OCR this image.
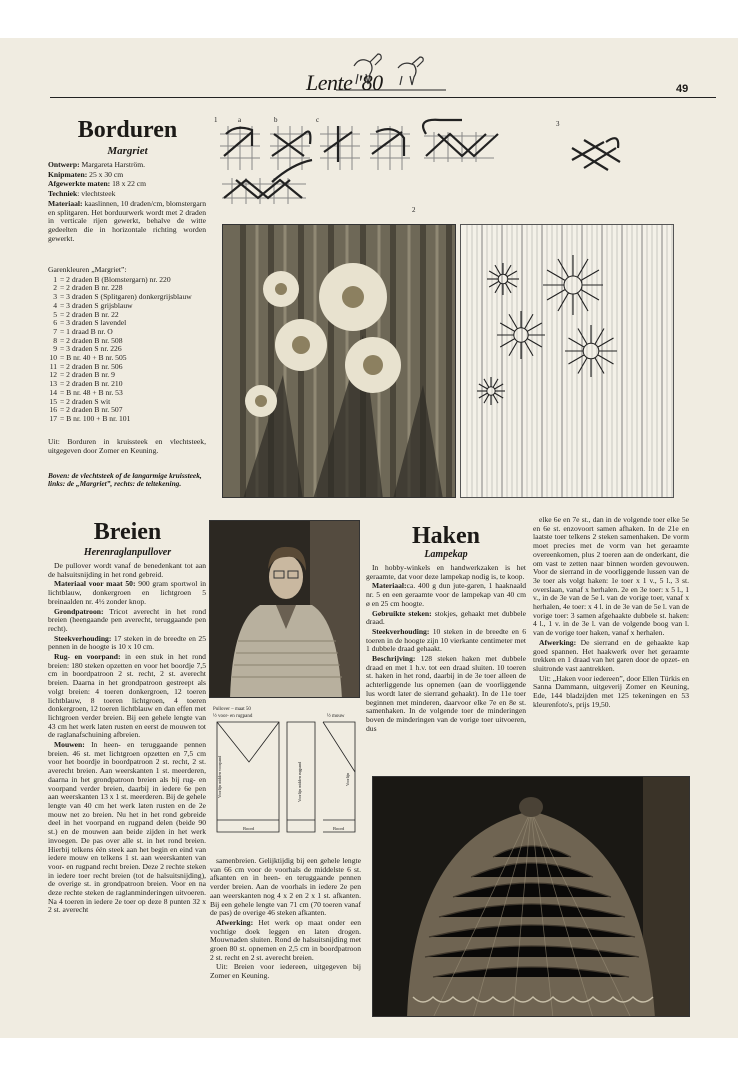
Lente '80	49
Borduren
Margriet

Ontwerp: Margareta Harström.

Knipmaten: 25 x 30 cm

Afgewerkte maten: 18 x 22 cm

Techniek: vlechtsteek

Materiaal: kaaslinnen, 10 draden/cm, blomstergarn en splitgaren. Het borduurwerk wordt met 2 draden in verticale rijen gewerkt, behalve de witte gedeelten die in horizontale richting worden gewerkt.

Garenkleuren „Margriet”:
1 = 2 draden B (Blomstergarn) nr. 220
2 = 2 draden B nr. 228
3 = 3 draden S (Splitgaren) donkergrijsblauw
4 = 3 draden S grijsblauw
5 = 2 draden B nr. 22
6 = 3 draden S lavendel
7 = 1 draad B nr. O
8 = 2 draden B nr. 508
9 = 3 draden S nr. 226
10 = B nr. 40 + B nr. 505
11 = 2 draden B nr. 506
12 = 2 draden B nr. 9
13 = 2 draden B nr. 210
14 = B nr. 48 + B nr. 53
15 = 2 draden S wit
16 = 2 draden B nr. 507
17 = B nr. 100 + B nr. 101
Uit: Borduren in kruissteek en vlechtsteek, uitgegeven door Zomer en Keuning.
Boven: de vlechtsteek of de langarmige kruissteek, links: de „Margriet”, rechts: de teltekening.
1	a	b	c
2
3
Breien
Herenraglanpullover

De pullover wordt vanaf de benedenkant tot aan de halsuitsnijding in het rond gebreid.

Materiaal voor maat 50: 900 gram sportwol in lichtblauw, donkergroen en lichtgroen 5 breinaalden nr. 4½ zonder knop.

Grondpatroon: Tricot averecht in het rond breien (heengaande pen averecht, teruggaande pen recht).

Steekverhouding: 17 steken in de breedte en 25 pennen in de hoogte is 10 x 10 cm.

Rug- en voorpand: in een stuk in het rond breien: 180 steken opzetten en voor het boordje 7,5 cm in boordpatroon 2 st. recht, 2 st. averecht breien. Daarna in het grondpatroon gestreept als volgt breien: 4 toeren donkergroen, 12 toeren lichtblauw, 8 toeren lichtgroen, 4 toeren donkergroen, 12 toeren lichtblauw en dan effen met lichtgroen verder breien. Bij een gehele lengte van 43 cm het werk laten rusten en eerst de mouwen tot de raglanafschuining afbreien.

Mouwen: In heen- en teruggaande pennen breien. 46 st. met lichtgroen opzetten en 7,5 cm voor het boordje in boordpatroon 2 st. recht, 2 st. averecht breien. Aan weerskanten 1 st. meerderen, daarna in het grondpatroon breien als bij rug- en voorpand verder breien, daarbij in iedere 6e pen aan weerskanten 13 x 1 st. meerderen. Bij de gehele lengte van 40 cm het werk laten rusten en de 2e mouw net zo breien. Nu het in het rond gebreide deel in het voorpand en rugpand delen (beide 90 st.) en de mouwen aan beide zijden in het werk invoegen. De pas over alle st. in het rond breien. Hierbij telkens één steek aan het begin en eind van iedere mouw en telkens 1 st. aan weerskanten van voor- en rugpand recht breien. Deze 2 rechte steken in iedere toer recht breien (tot de halsuitsnijding), de overige st. in grondpatroon breien. Voor en na deze rechte steken de raglanminderingen uitvoeren. Na 4 toeren in iedere 2e toer op deze 8 punten 32 x 2 st. averecht

Pullover – maat 50
½ voor- en rugpand	½ mouw
Boord	Boord
Voorlijn midden voorpand	Voorlijn midden rugpand	Voorlijn

samenbreien. Gelijktijdig bij een gehele lengte van 66 cm voor de voorhals de middelste 6 st. afkanten en in heen- en teruggaande pennen verder breien. Aan de voorhals in iedere 2e pen aan weerskanten nog 4 x 2 en 2 x 1 st. afkanten. Bij een gehele lengte van 71 cm (70 toeren vanaf de pas) de overige 46 steken afkanten.

Afwerking: Het werk op maat onder een vochtige doek leggen en laten drogen. Mouwnaden sluiten. Rond de halsuitsnijding met groen 80 st. opnemen en 2,5 cm in boordpatroon 2 st. recht en 2 st. averecht breien.

Uit: Breien voor iedereen, uitgegeven bij Zomer en Keuning.

Haken
Lampekap

In hobby-winkels en handwerkzaken is het geraamte, dat voor deze lampekap nodig is, te koop.

Materiaal:ca. 400 g dun jute-garen, 1 haaknaald nr. 5 en een geraamte voor de lampekap van 40 cm ø en 25 cm hoogte.

Gebruikte steken: stokjes, gehaakt met dubbele draad.

Steekverhouding: 10 steken in de breedte en 6 toeren in de hoogte zijn 10 vierkante centimeter met 1 dubbele draad gehaakt.

Beschrijving: 128 steken haken met dubbele draad en met 1 h.v. tot een draad sluiten. 10 toeren st. haken in het rond, daarbij in de 3e toer alleen de achterliggende lus opnemen (aan de voorliggende lus wordt later de sierrand gehaakt). In de 11e toer beginnen met minderen, daarvoor elke 7e en 8e st. samenhaken. In de volgende toer de minderingen boven de minderingen van de vorige toer uitvoeren, dus

elke 6e en 7e st., dan in de volgende toer elke 5e en 6e st. enzovoort samen afhaken. In de 21e en laatste toer telkens 2 steken samenhaken. De vorm moet precies met de vorm van het geraamte overeenkomen, plus 2 toeren aan de onderkant, die om vast te zetten naar binnen worden gevouwen. Voor de sierrand in de voorliggende lussen van de 3e toer als volgt haken: 1e toer x 1 v., 5 l., 3 st. overslaan, vanaf x herhalen. 2e en 3e toer: x 5 l., 1 v., in de 3e van de 5e l. van de vorige toer, vanaf x herhalen, 4e toer: x 4 l. in de 3e van de 5e l. van de vorige toer: 3 samen afgehaakte dubbele st. haken: 4 l., 1 v. in de 3e l. van de volgende boog van l. van de vorige toer haken, vanaf x herhalen.

Afwerking: De sierrand en de gehaakte kap goed spannen. Het haakwerk over het geraamte trekken en 1 draad van het garen door de opzet- en sluitronde vast aantrekken.

Uit: „Haken voor iedereen”, door Ellen Türkis en Sanna Dammann, uitgeverij Zomer en Keuning, Ede, 144 bladzijden met 125 tekeningen en 53 kleurenfoto's, prijs 19,50.
